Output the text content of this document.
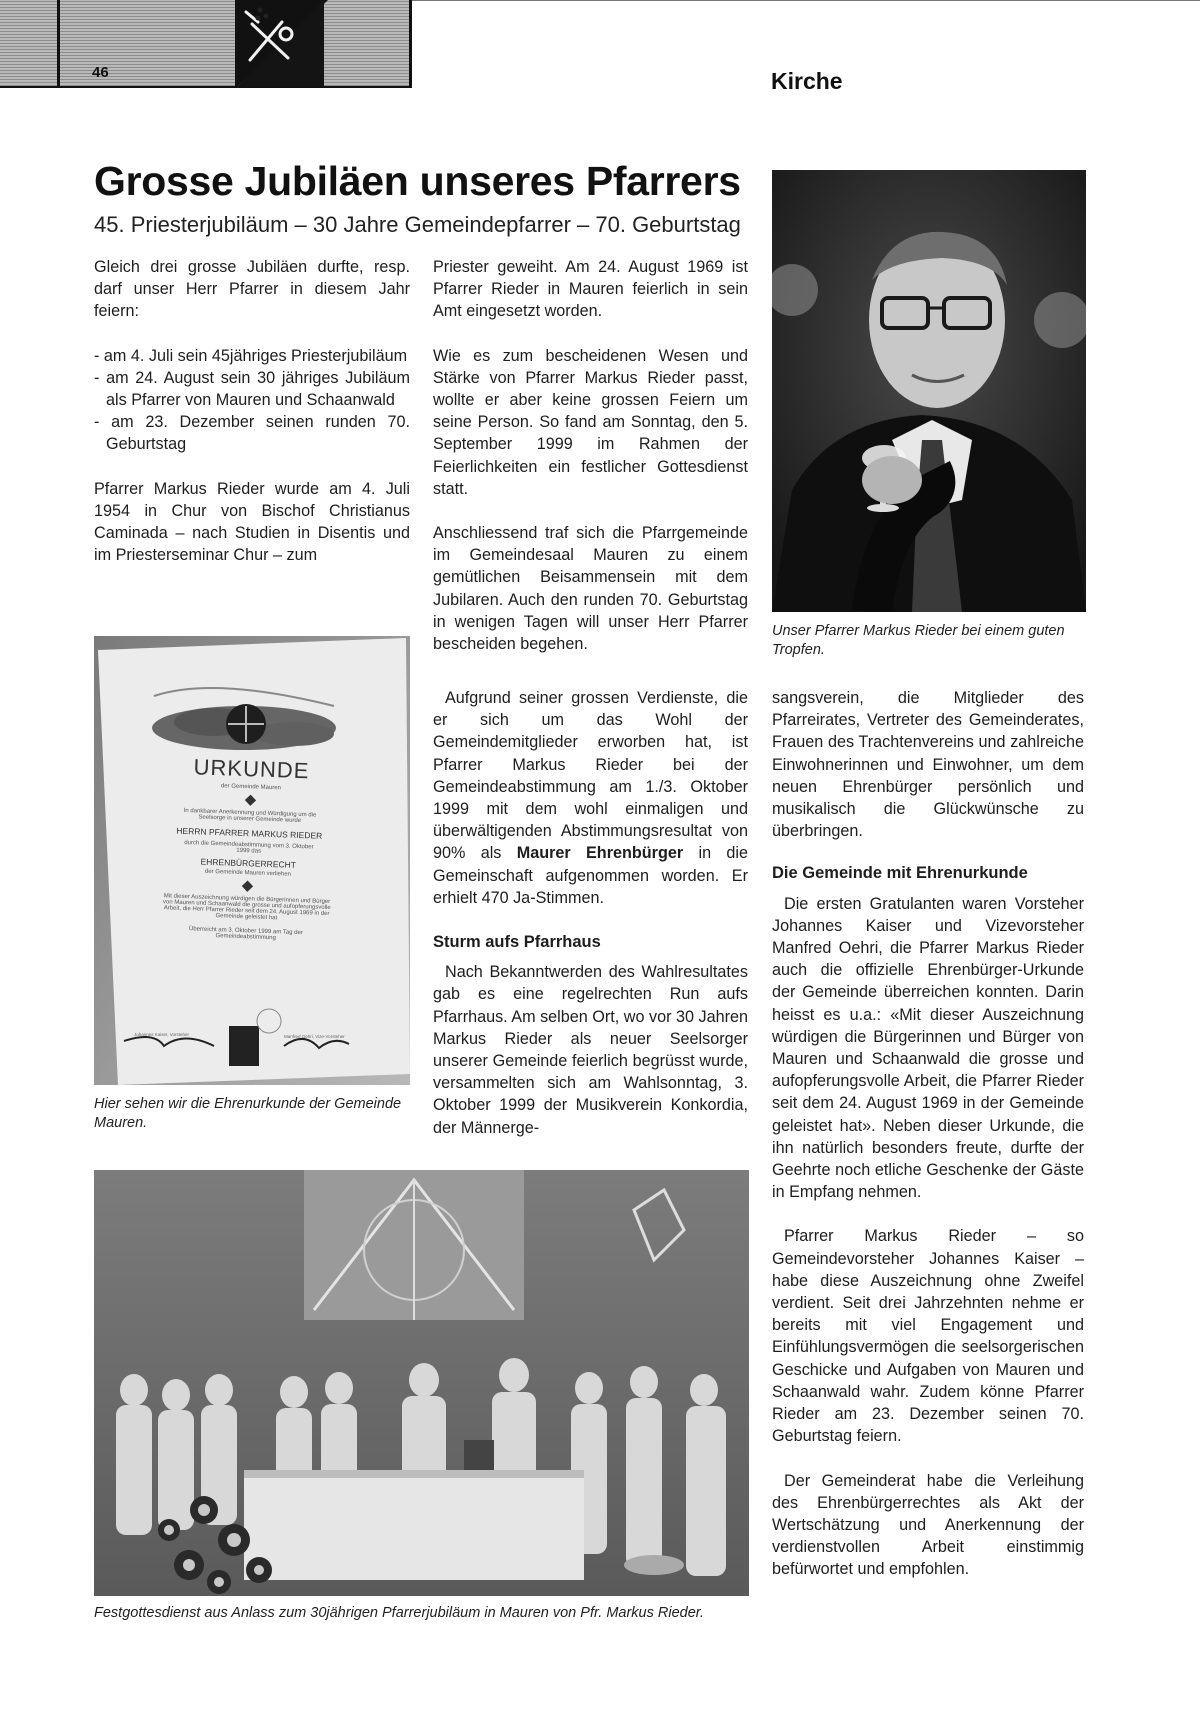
46	Kirche
Grosse Jubiläen unseres Pfarrers
45. Priesterjubiläum – 30 Jahre Gemeindepfarrer – 70. Geburtstag

Gleich drei grosse Jubiläen durfte, resp. darf unser Herr Pfarrer in diesem Jahr feiern:

- am 4. Juli sein 45jähriges Priesterjubiläum
- am 24. August sein 30 jähriges Jubiläum als Pfarrer von Mauren und Schaanwald
- am 23. Dezember seinen runden 70. Geburtstag

Pfarrer Markus Rieder wurde am 4. Juli 1954 in Chur von Bischof Christianus Caminada – nach Studien in Disentis und im Priesterseminar Chur – zum

URKUNDE
der Gemeinde Mauren
In dankbarer Anerkennung und Würdigung um die Seelsorge in unserer Gemeinde wurde
HERRN PFARRER MARKUS RIEDER
durch die Gemeindeabstimmung vom 3. Oktober 1999 das
EHRENBÜRGERRECHT
der Gemeinde Mauren verliehen
Mit dieser Auszeichnung würdigen die Bürgerinnen und Bürger von Mauren und Schaanwald die grosse und aufopferungsvolle Arbeit, die Herr Pfarrer Rieder seit dem 24. August 1969 in der Gemeinde geleistet hat
Überreicht am 3. Oktober 1999 am Tag der Gemeindeabstimmung
Johannes Kaiser, Vorsteher	Manfred Oehri, Vize-Vorsteher
Hier sehen wir die Ehrenurkunde der Gemeinde Mauren.

Priester geweiht. Am 24. August 1969 ist Pfarrer Rieder in Mauren feierlich in sein Amt eingesetzt worden.

Wie es zum bescheidenen Wesen und Stärke von Pfarrer Markus Rieder passt, wollte er aber keine grossen Feiern um seine Person. So fand am Sonntag, den 5. September 1999 im Rahmen der Feierlichkeiten ein festlicher Gottesdienst statt.

Anschliessend traf sich die Pfarrgemeinde im Gemeindesaal Mauren zu einem gemütlichen Beisammensein mit dem Jubilaren. Auch den runden 70. Geburtstag in wenigen Tagen will unser Herr Pfarrer bescheiden begehen.

Aufgrund seiner grossen Verdienste, die er sich um das Wohl der Gemeindemitglieder erworben hat, ist Pfarrer Markus Rieder bei der Gemeindeabstimmung am 1./3. Oktober 1999 mit dem wohl einmaligen und überwältigenden Abstimmungsresultat von 90% als Maurer Ehrenbürger in die Gemeinschaft aufgenommen worden. Er erhielt 470 Ja-Stimmen.

Sturm aufs Pfarrhaus

Nach Bekanntwerden des Wahlresultates gab es eine regelrechten Run aufs Pfarrhaus. Am selben Ort, wo vor 30 Jahren Markus Rieder als neuer Seelsorger unserer Gemeinde feierlich begrüsst wurde, versammelten sich am Wahlsonntag, 3. Oktober 1999 der Musikverein Konkordia, der Männerge-

Unser Pfarrer Markus Rieder bei einem guten Tropfen.

sangsverein, die Mitglieder des Pfarreirates, Vertreter des Gemeinderates, Frauen des Trachtenvereins und zahlreiche Einwohnerinnen und Einwohner, um dem neuen Ehrenbürger persönlich und musikalisch die Glückwünsche zu überbringen.

Die Gemeinde mit Ehrenurkunde

Die ersten Gratulanten waren Vorsteher Johannes Kaiser und Vizevorsteher Manfred Oehri, die Pfarrer Markus Rieder auch die offizielle Ehrenbürger-Urkunde der Gemeinde überreichen konnten. Darin heisst es u.a.: «Mit dieser Auszeichnung würdigen die Bürgerinnen und Bürger von Mauren und Schaanwald die grosse und aufopferungsvolle Arbeit, die Pfarrer Rieder seit dem 24. August 1969 in der Gemeinde geleistet hat». Neben dieser Urkunde, die ihn natürlich besonders freute, durfte der Geehrte noch etliche Geschenke der Gäste in Empfang nehmen.

Pfarrer Markus Rieder – so Gemeindevorsteher Johannes Kaiser – habe diese Auszeichnung ohne Zweifel verdient. Seit drei Jahrzehnten nehme er bereits mit viel Engagement und Einfühlungsvermögen die seelsorgerischen Geschicke und Aufgaben von Mauren und Schaanwald wahr. Zudem könne Pfarrer Rieder am 23. Dezember seinen 70. Geburtstag feiern.

Der Gemeinderat habe die Verleihung des Ehrenbürgerrechtes als Akt der Wertschätzung und Anerkennung der verdienstvollen Arbeit einstimmig befürwortet und empfohlen.

Festgottesdienst aus Anlass zum 30jährigen Pfarrerjubiläum in Mauren von Pfr. Markus Rieder.
